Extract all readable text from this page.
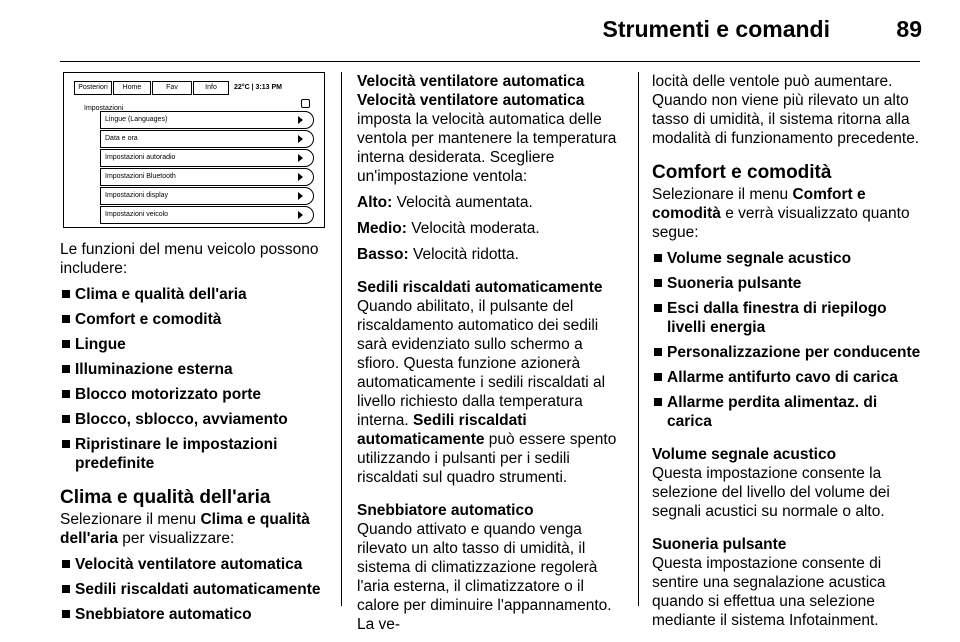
Strumenti e comandi	89
Posteriori	Home	Fav	Info	22°C | 3:13 PM
Impostazioni
Lingue (Languages)
Data e ora
Impostazioni autoradio
Impostazioni Bluetooth
Impostazioni display
Impostazioni veicolo

Le funzioni del menu veicolo possono includere:

Clima e qualità dell'aria
Comfort e comodità
Lingue
Illuminazione esterna
Blocco motorizzato porte
Blocco, sblocco, avviamento
Ripristinare le impostazioni predefinite
Clima e qualità dell'aria

Selezionare il menu Clima e qualità dell'aria per visualizzare:

Velocità ventilatore automatica
Sedili riscaldati automaticamente
Snebbiatore automatico
Velocità ventilatore automatica

Velocità ventilatore automatica imposta la velocità automatica delle ventola per mantenere la temperatura interna desiderata. Scegliere un'impostazione ventola:

Alto: Velocità aumentata.

Medio: Velocità moderata.

Basso: Velocità ridotta.

Sedili riscaldati automaticamente

Quando abilitato, il pulsante del riscaldamento automatico dei sedili sarà evidenziato sullo schermo a sfioro. Questa funzione azionerà automaticamente i sedili riscaldati al livello richiesto dalla temperatura interna. Sedili riscaldati automaticamente può essere spento utilizzando i pulsanti per i sedili riscaldati sul quadro strumenti.

Snebbiatore automatico

Quando attivato e quando venga rilevato un alto tasso di umidità, il sistema di climatizzazione regolerà l'aria esterna, il climatizzatore o il calore per diminuire l'appannamento. La ve-

locità delle ventole può aumentare. Quando non viene più rilevato un alto tasso di umidità, il sistema ritorna alla modalità di funzionamento precedente.

Comfort e comodità

Selezionare il menu Comfort e comodità e verrà visualizzato quanto segue:

Volume segnale acustico
Suoneria pulsante
Esci dalla finestra di riepilogo livelli energia
Personalizzazione per conducente
Allarme antifurto cavo di carica
Allarme perdita alimentaz. di carica
Volume segnale acustico

Questa impostazione consente la selezione del livello del volume dei segnali acustici su normale o alto.

Suoneria pulsante

Questa impostazione consente di sentire una segnalazione acustica quando si effettua una selezione mediante il sistema Infotainment.
